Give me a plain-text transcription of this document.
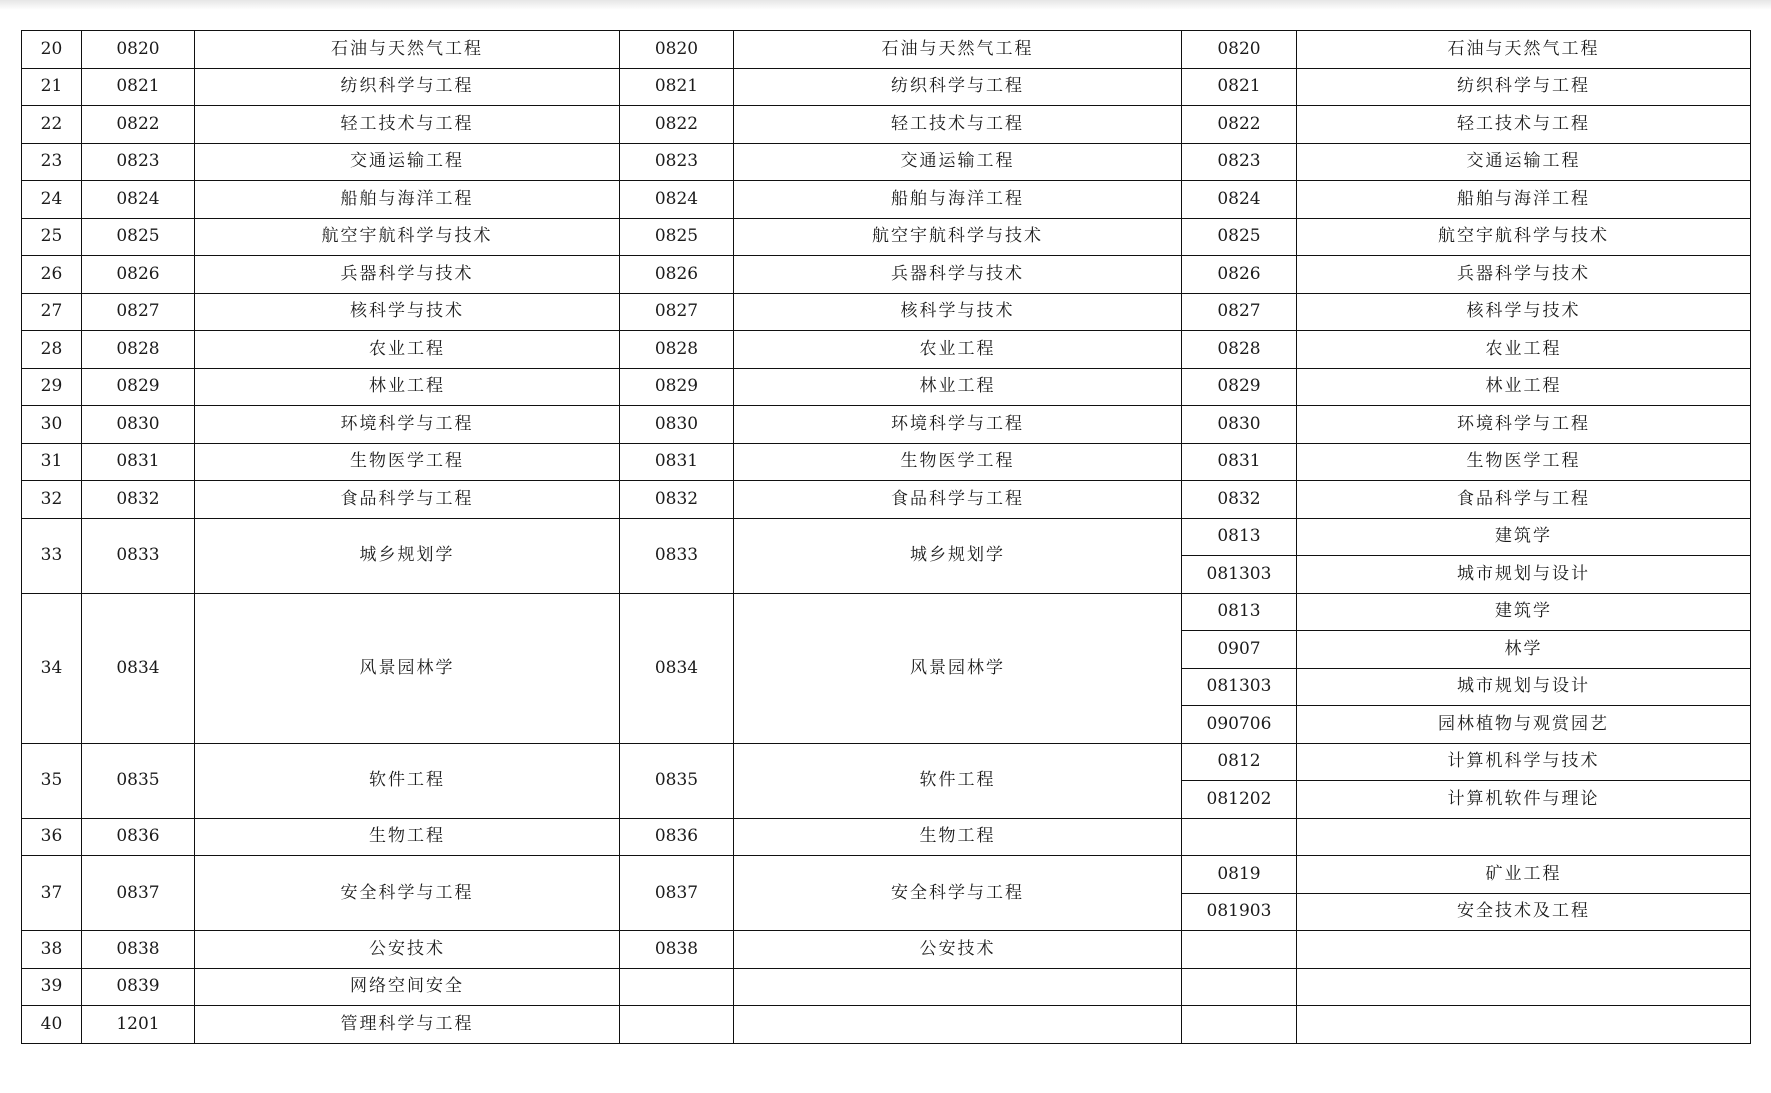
20	0820	石油与天然气工程	0820	石油与天然气工程	0820	石油与天然气工程
21	0821	纺织科学与工程	0821	纺织科学与工程	0821	纺织科学与工程
22	0822	轻工技术与工程	0822	轻工技术与工程	0822	轻工技术与工程
23	0823	交通运输工程	0823	交通运输工程	0823	交通运输工程
24	0824	船舶与海洋工程	0824	船舶与海洋工程	0824	船舶与海洋工程
25	0825	航空宇航科学与技术	0825	航空宇航科学与技术	0825	航空宇航科学与技术
26	0826	兵器科学与技术	0826	兵器科学与技术	0826	兵器科学与技术
27	0827	核科学与技术	0827	核科学与技术	0827	核科学与技术
28	0828	农业工程	0828	农业工程	0828	农业工程
29	0829	林业工程	0829	林业工程	0829	林业工程
30	0830	环境科学与工程	0830	环境科学与工程	0830	环境科学与工程
31	0831	生物医学工程	0831	生物医学工程	0831	生物医学工程
32	0832	食品科学与工程	0832	食品科学与工程	0832	食品科学与工程
33	0833	城乡规划学	0833	城乡规划学	0813	建筑学
					081303	城市规划与设计
34	0834	风景园林学	0834	风景园林学	0813	建筑学
					0907	林学
					081303	城市规划与设计
					090706	园林植物与观赏园艺
35	0835	软件工程	0835	软件工程	0812	计算机科学与技术
					081202	计算机软件与理论
36	0836	生物工程	0836	生物工程		
37	0837	安全科学与工程	0837	安全科学与工程	0819	矿业工程
					081903	安全技术及工程
38	0838	公安技术	0838	公安技术		
39	0839	网络空间安全				
40	1201	管理科学与工程				
